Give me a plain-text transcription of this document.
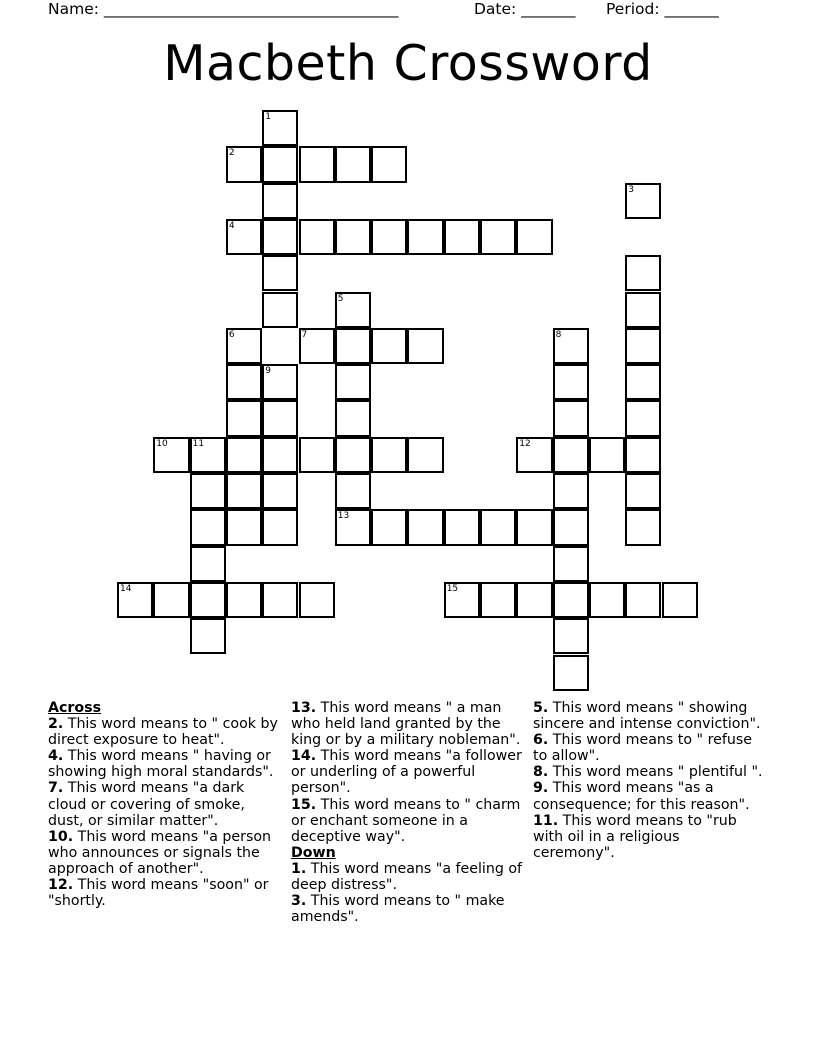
Name: ______________________________________	Date: _______ Period: _______
Macbeth Crossword
1
2
4
3
5
7
6	8
9
10	11	12
13
14	15
Across
2. This word means to " cook by direct exposure to heat".
4. This word means " having or showing high moral standards".
7. This word means "a dark cloud or covering of smoke, dust, or similar matter".
10. This word means "a person who announces or signals the approach of another".
12. This word means "soon" or "shortly.
13. This word means " a man who held land granted by the king or by a military nobleman".
14. This word means "a follower or underling of a powerful person".
15. This word means to " charm or enchant someone in a deceptive way".
Down
1. This word means "a feeling of deep distress".
3. This word means to " make amends".
5. This word means " showing sincere and intense conviction".
6. This word means to " refuse to allow".
8. This word means " plentiful ".
9. This word means "as a consequence; for this reason".
11. This word means to "rub with oil in a religious ceremony".
